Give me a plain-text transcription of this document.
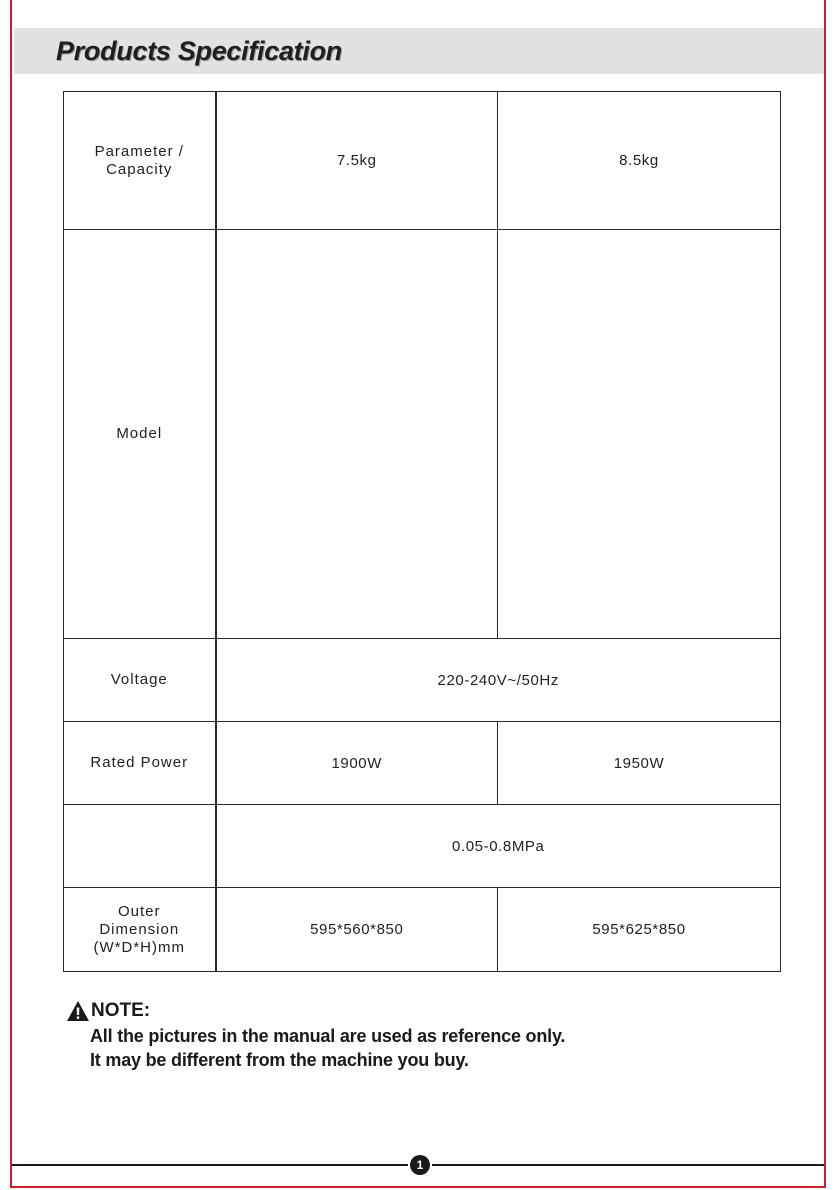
Products Specification
Parameter /
Capacity	7.5kg	8.5kg

Model		

Voltage	220-240V~/50Hz	

Rated Power	1900W	1950W

	0.05-0.8MPa	

Outer
Dimension
(W*D*H)mm	595*560*850	595*625*850
NOTE:
All the pictures in the manual are used as reference only.
It may be different from the machine you buy.
1
